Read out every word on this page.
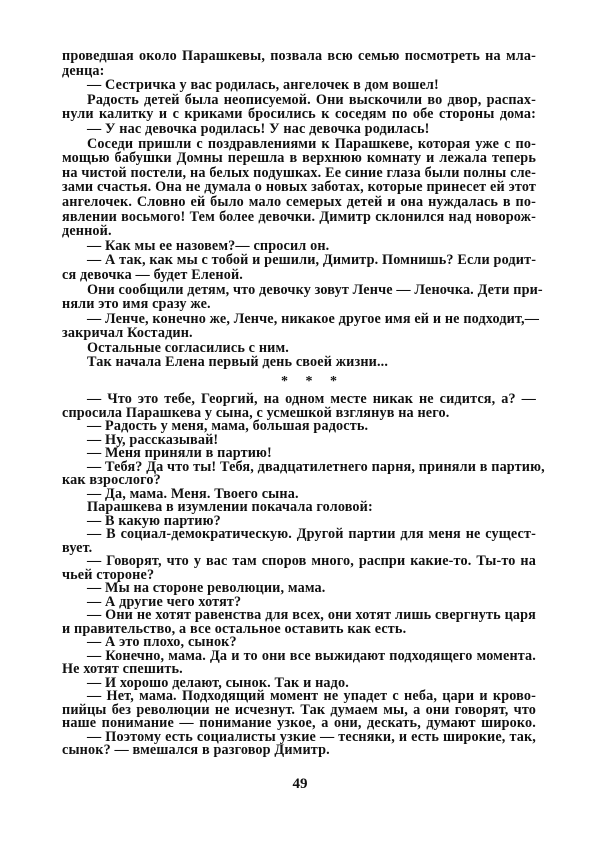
проведшая около Парашкевы, позвала всю семью посмотреть на мла-
денца:
— Сестричка у вас родилась, ангелочек в дом вошел!
Радость детей была неописуемой. Они выскочили во двор, распах-
нули калитку и с криками бросились к соседям по обе стороны дома:
— У нас девочка родилась! У нас девочка родилась!
Соседи пришли с поздравлениями к Парашкеве, которая уже с по-
мощью бабушки Домны перешла в верхнюю комнату и лежала теперь
на чистой постели, на белых подушках. Ее синие глаза были полны сле-
зами счастья. Она не думала о новых заботах, которые принесет ей этот
ангелочек. Словно ей было мало семерых детей и она нуждалась в по-
явлении восьмого! Тем более девочки. Димитр склонился над новорож-
денной.
— Как мы ее назовем?— спросил он.
— А так, как мы с тобой и решили, Димитр. Помнишь? Если родит-
ся девочка — будет Еленой.
Они сообщили детям, что девочку зовут Ленче — Леночка. Дети при-
няли это имя сразу же.
— Ленче, конечно же, Ленче, никакое другое имя ей и не подходит,—
закричал Костадин.
Остальные согласились с ним.
Так начала Елена первый день своей жизни...
* * *
— Что это тебе, Георгий, на одном месте никак не сидится, а? —
спросила Парашкева у сына, с усмешкой взглянув на него.
— Радость у меня, мама, большая радость.
— Ну, рассказывай!
— Меня приняли в партию!
— Тебя? Да что ты! Тебя, двадцатилетнего парня, приняли в партию,
как взрослого?
— Да, мама. Меня. Твоего сына.
Парашкева в изумлении покачала головой:
— В какую партию?
— В социал-демократическую. Другой партии для меня не сущест-
вует.
— Говорят, что у вас там споров много, распри какие-то. Ты-то на
чьей стороне?
— Мы на стороне революции, мама.
— А другие чего хотят?
— Они не хотят равенства для всех, они хотят лишь свергнуть царя
и правительство, а все остальное оставить как есть.
— А это плохо, сынок?
— Конечно, мама. Да и то они все выжидают подходящего момента.
Не хотят спешить.
— И хорошо делают, сынок. Так и надо.
— Нет, мама. Подходящий момент не упадет с неба, цари и крово-
пийцы без революции не исчезнут. Так думаем мы, а они говорят, что
наше понимание — понимание узкое, а они, дескать, думают широко.
— Поэтому есть социалисты узкие — тесняки, и есть широкие, так,
сынок? — вмешался в разговор Димитр.
49
